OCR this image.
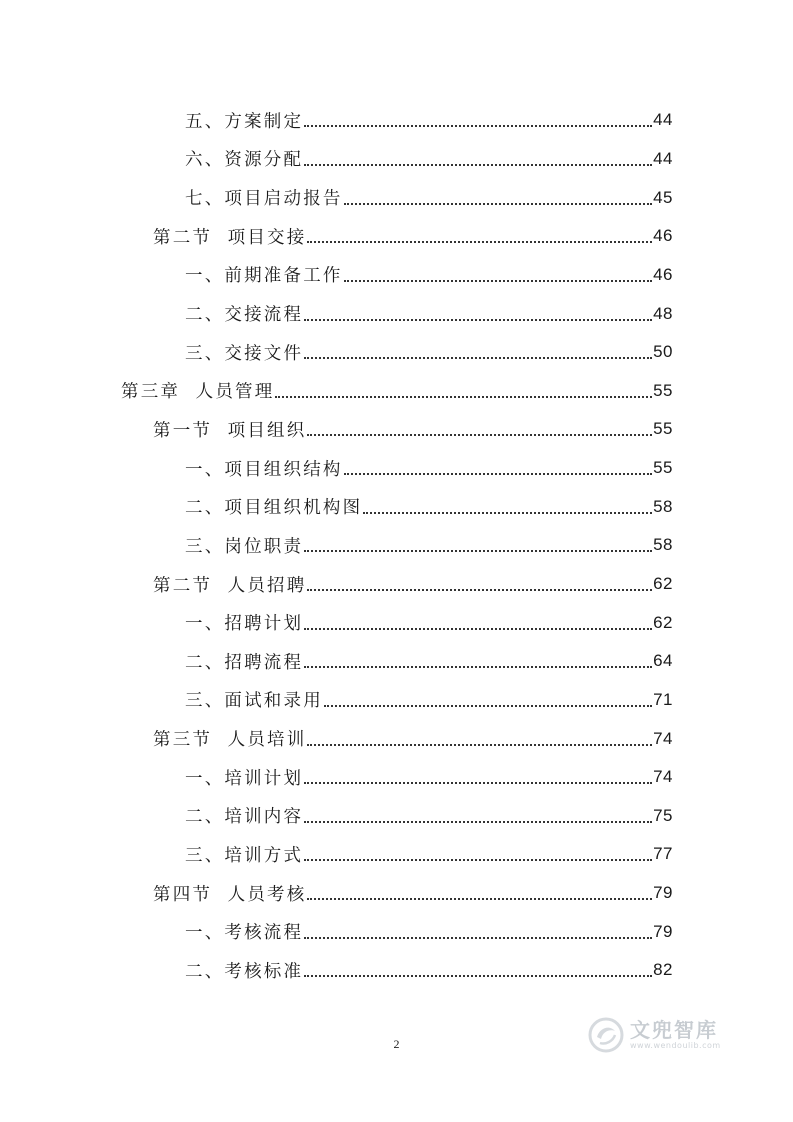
五、方案制定	44
六、资源分配	44
七、项目启动报告	45
第二节  项目交接	46
一、前期准备工作	46
二、交接流程	48
三、交接文件	50
第三章  人员管理	55
第一节  项目组织	55
一、项目组织结构	55
二、项目组织机构图	58
三、岗位职责	58
第二节  人员招聘	62
一、招聘计划	62
二、招聘流程	64
三、面试和录用	71
第三节  人员培训	74
一、培训计划	74
二、培训内容	75
三、培训方式	77
第四节  人员考核	79
一、考核流程	79
二、考核标准	82
2
文兜智库
www.wendoulib.com
